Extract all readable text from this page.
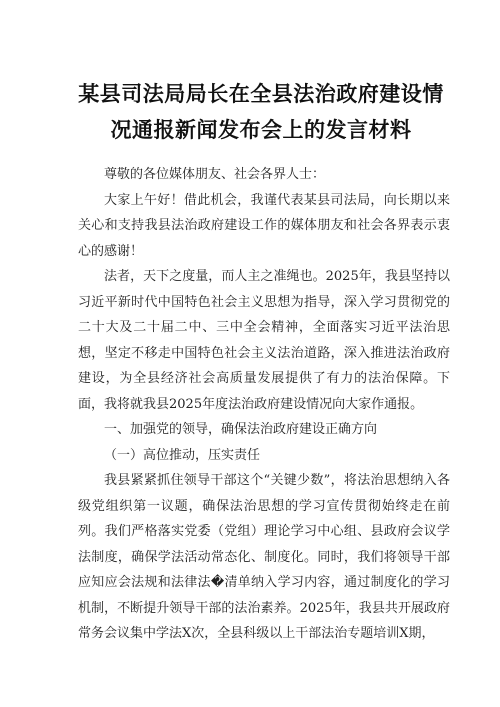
某县司法局局长在全县法治政府建设情
况通报新闻发布会上的发言材料

尊敬的各位媒体朋友、社会各界人士：

大家上午好！借此机会，我谨代表某县司法局，向长期以来关心和支持我县法治政府建设工作的媒体朋友和社会各界表示衷心的感谢！

法者，天下之度量，而人主之准绳也。2025年，我县坚持以习近平新时代中国特色社会主义思想为指导，深入学习贯彻党的二十大及二十届二中、三中全会精神，全面落实习近平法治思想，坚定不移走中国特色社会主义法治道路，深入推进法治政府建设，为全县经济社会高质量发展提供了有力的法治保障。下面，我将就我县2025年度法治政府建设情况向大家作通报。

一、加强党的领导，确保法治政府建设正确方向

（一）高位推动，压实责任

我县紧紧抓住领导干部这个“关键少数”，将法治思想纳入各级党组织第一议题，确保法治思想的学习宣传贯彻始终走在前列。我们严格落实党委（党组）理论学习中心组、县政府会议学法制度，确保学法活动常态化、制度化。同时，我们将领导干部应知应会法规和法律法�清单纳入学习内容，通过制度化的学习机制，不断提升领导干部的法治素养。2025年，我县共开展政府常务会议集中学法X次，全县科级以上干部法治专题培训X期，
